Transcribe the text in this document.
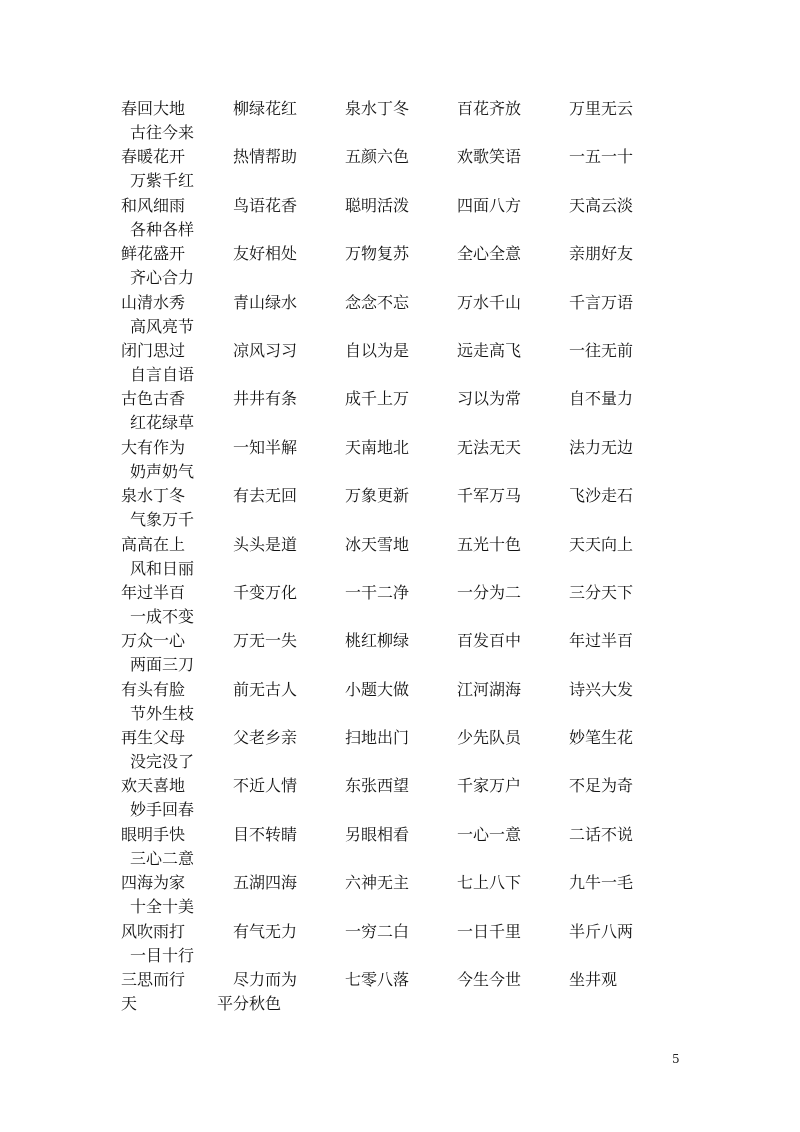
春回大地	柳绿花红	泉水丁冬	百花齐放	万里无云
古往今来
春暖花开	热情帮助	五颜六色	欢歌笑语	一五一十
万紫千红
和风细雨	鸟语花香	聪明活泼	四面八方	天高云淡
各种各样
鲜花盛开	友好相处	万物复苏	全心全意	亲朋好友
齐心合力
山清水秀	青山绿水	念念不忘	万水千山	千言万语
高风亮节
闭门思过	凉风习习	自以为是	远走高飞	一往无前
自言自语
古色古香	井井有条	成千上万	习以为常	自不量力
红花绿草
大有作为	一知半解	天南地北	无法无天	法力无边
奶声奶气
泉水丁冬	有去无回	万象更新	千军万马	飞沙走石
气象万千
高高在上	头头是道	冰天雪地	五光十色	天天向上
风和日丽
年过半百	千变万化	一干二净	一分为二	三分天下
一成不变
万众一心	万无一失	桃红柳绿	百发百中	年过半百
两面三刀
有头有脸	前无古人	小题大做	江河湖海	诗兴大发
节外生枝
再生父母	父老乡亲	扫地出门	少先队员	妙笔生花
没完没了
欢天喜地	不近人情	东张西望	千家万户	不足为奇
妙手回春
眼明手快	目不转睛	另眼相看	一心一意	二话不说
三心二意
四海为家	五湖四海	六神无主	七上八下	九牛一毛
十全十美
风吹雨打	有气无力	一穷二白	一日千里	半斤八两
一目十行
三思而行	尽力而为	七零八落	今生今世	坐井观
天	平分秋色
5
